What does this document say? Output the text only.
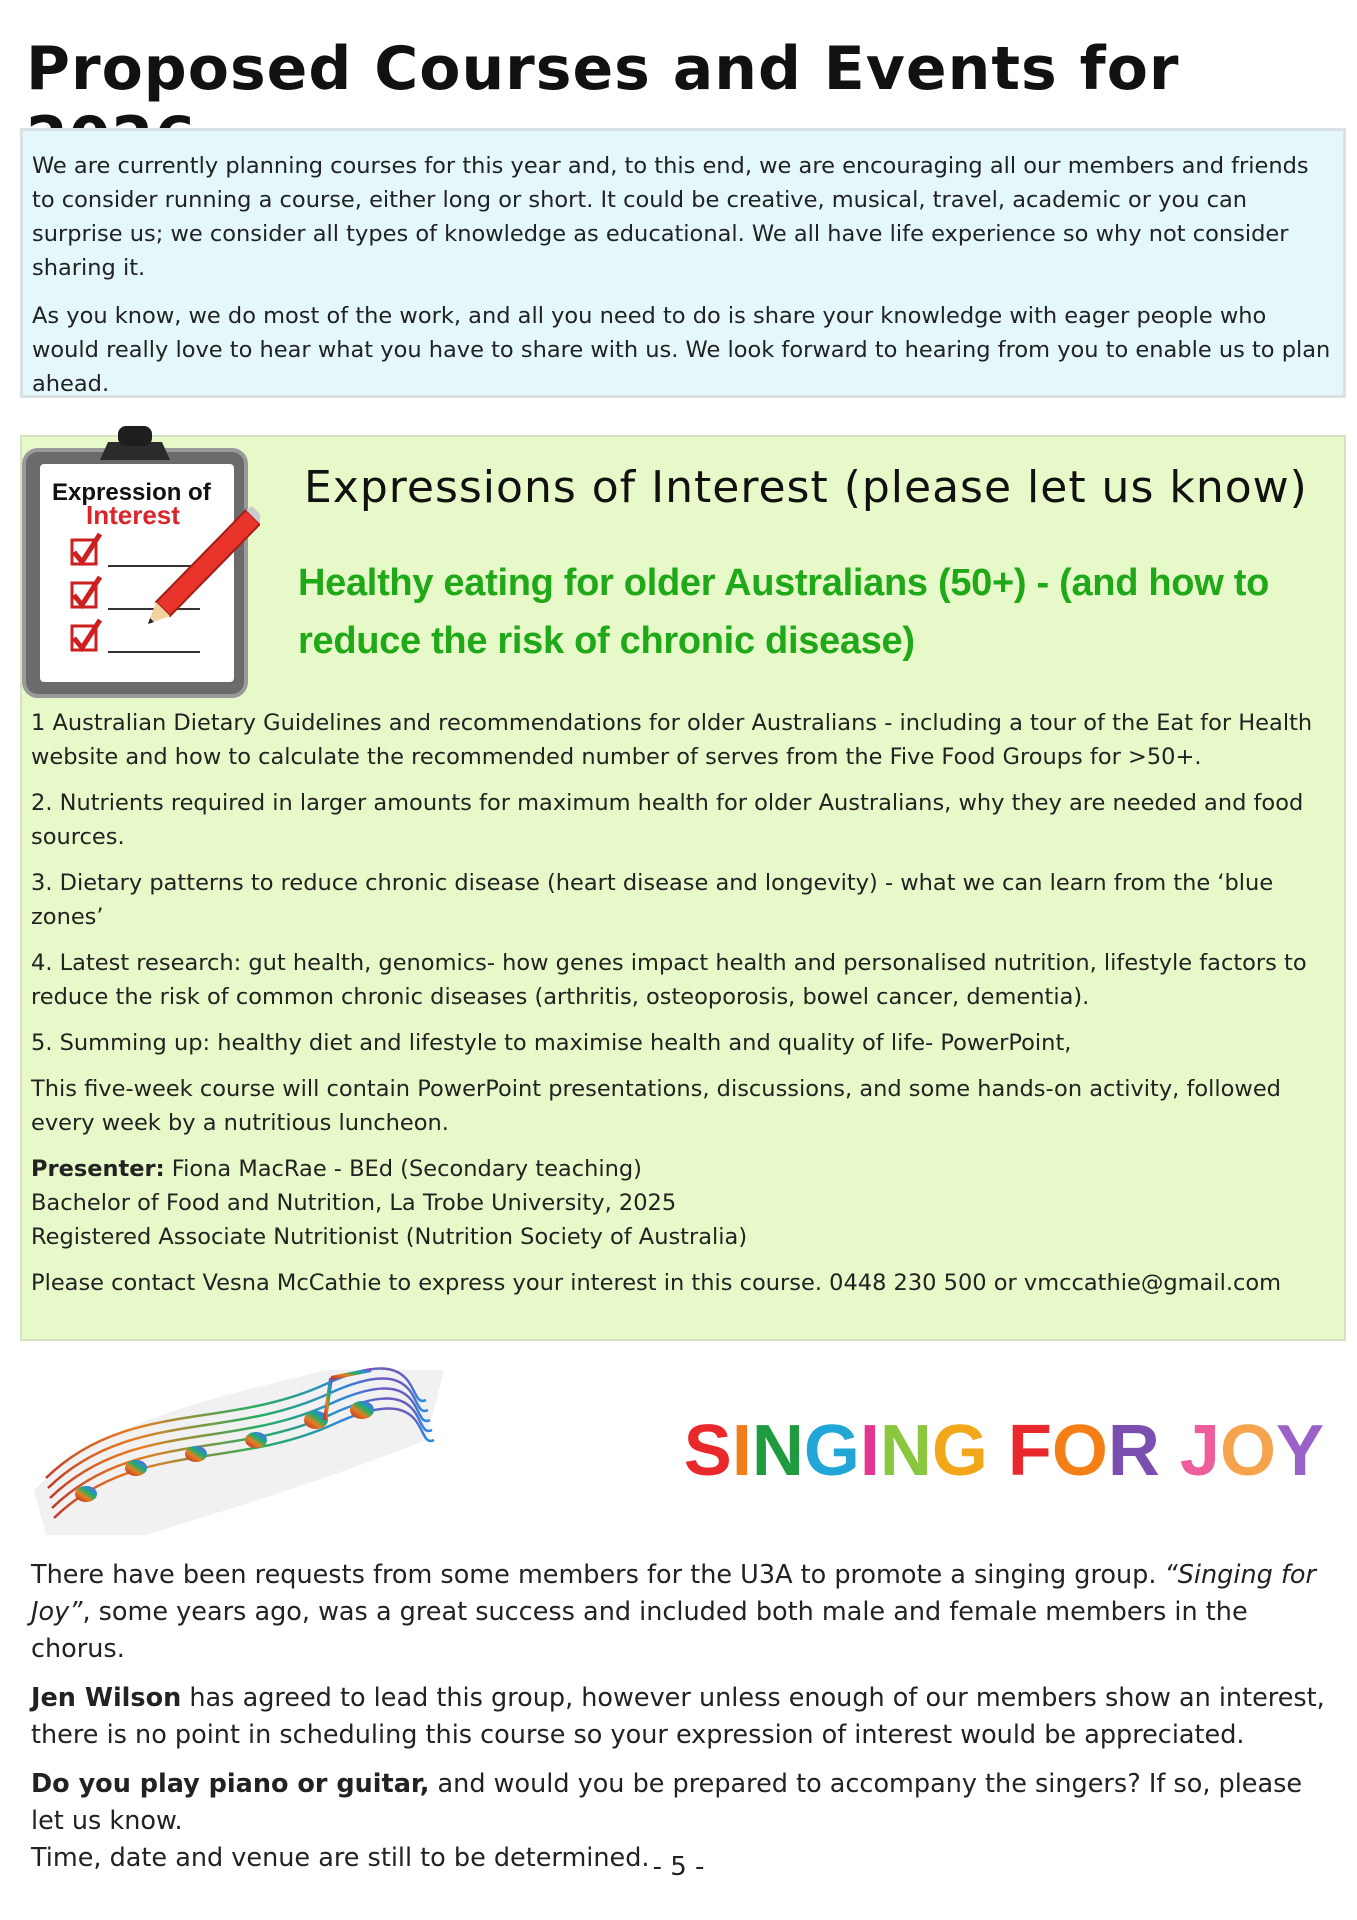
Proposed Courses and Events for

We are currently planning courses for this year and, to this end, we are encouraging all our members and friends to consider running a course, either long or short. It could be creative, musical, travel, academic or you can surprise us; we consider all types of knowledge as educational. We all have life experience so why not consider sharing it.

As you know, we do most of the work, and all you need to do is share your knowledge with eager people who would really love to hear what you have to share with us. We look forward to hearing from you to enable us to plan ahead.

Expression of
Interest
Expressions of Interest (please let us know)
Healthy eating for older Australians (50+) - (and how to reduce the risk of chronic disease)

1 Australian Dietary Guidelines and recommendations for older Australians - including a tour of the Eat for Health website and how to calculate the recommended number of serves from the Five Food Groups for >50+.

2. Nutrients required in larger amounts for maximum health for older Australians, why they are needed and food sources.

3. Dietary patterns to reduce chronic disease (heart disease and longevity) - what we can learn from the ‘blue zones’

4. Latest research: gut health, genomics- how genes impact health and personalised nutrition, lifestyle factors to reduce the risk of common chronic diseases (arthritis, osteoporosis, bowel cancer, dementia).

5. Summing up: healthy diet and lifestyle to maximise health and quality of life- PowerPoint,

This five-week course will contain PowerPoint presentations, discussions, and some hands-on activity, followed every week by a nutritious luncheon.

Presenter: Fiona MacRae - BEd (Secondary teaching)
Bachelor of Food and Nutrition, La Trobe University, 2025
Registered Associate Nutritionist (Nutrition Society of Australia)

Please contact Vesna McCathie to express your interest in this course. 0448 230 500 or vmccathie@gmail.com

SINGING FOR JOY

There have been requests from some members for the U3A to promote a singing group. “Singing for Joy”, some years ago, was a great success and included both male and female members in the chorus.

Jen Wilson has agreed to lead this group, however unless enough of our members show an interest, there is no point in scheduling this course so your expression of interest would be appreciated.

Do you play piano or guitar, and would you be prepared to accompany the singers? If so, please let us know.
Time, date and venue are still to be determined. - 5 -
